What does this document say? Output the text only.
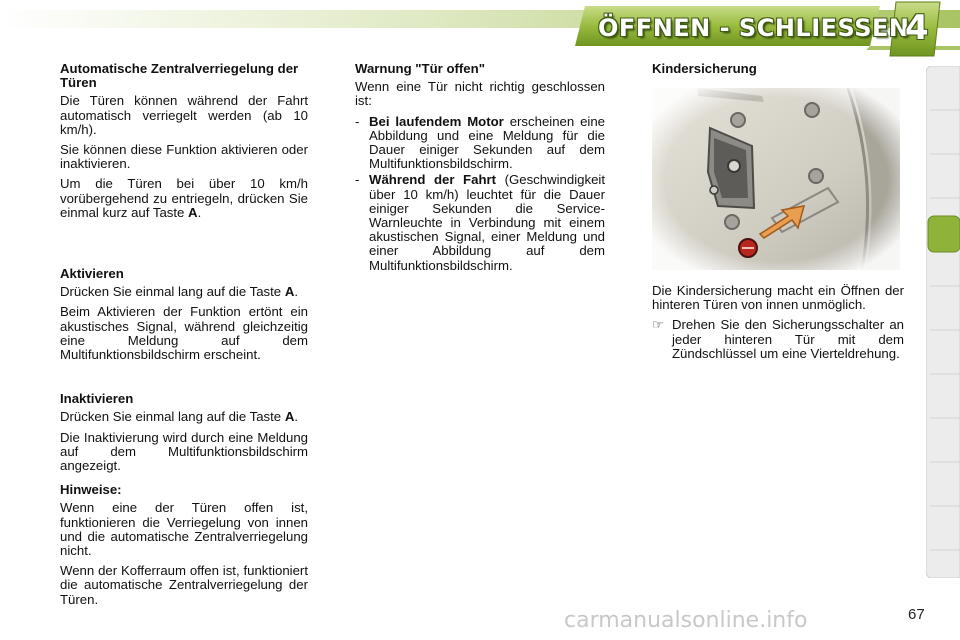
ÖFFNEN - SCHLIESSEN
4
Automatische Zentralverriegelung der Türen

Die Türen können während der Fahrt automatisch verriegelt werden (ab 10 km/h).

Sie können diese Funktion aktivieren oder inaktivieren.

Um die Türen bei über 10 km/h vorübergehend zu entriegeln, drücken Sie einmal kurz auf Taste A.

Aktivieren

Drücken Sie einmal lang auf die Taste A.

Beim Aktivieren der Funktion ertönt ein akustisches Signal, während gleichzeitig eine Meldung auf dem Multifunktionsbildschirm erscheint.

Inaktivieren

Drücken Sie einmal lang auf die Taste A.

Die Inaktivierung wird durch eine Meldung auf dem Multifunktionsbildschirm angezeigt.

Hinweise:

Wenn eine der Türen offen ist, funktionieren die Verriegelung von innen und die automatische Zentralverriegelung nicht.

Wenn der Kofferraum offen ist, funktioniert die automatische Zentralverriegelung der Türen.

Warnung "Tür offen"

Wenn eine Tür nicht richtig geschlossen ist:

- Bei laufendem Motor erscheinen eine Abbildung und eine Meldung für die Dauer einiger Sekunden auf dem Multifunktionsbildschirm.
- Während der Fahrt (Geschwindigkeit über 10 km/h) leuchtet für die Dauer einiger Sekunden die Service-Warnleuchte in Verbindung mit einem akustischen Signal, einer Meldung und einer Abbildung auf dem Multifunktionsbildschirm.
Kindersicherung

Die Kindersicherung macht ein Öffnen der hinteren Türen von innen unmöglich.

☞ Drehen Sie den Sicherungsschalter an jeder hinteren Tür mit dem Zündschlüssel um eine Vierteldrehung.
carmanualsonline.info	67
